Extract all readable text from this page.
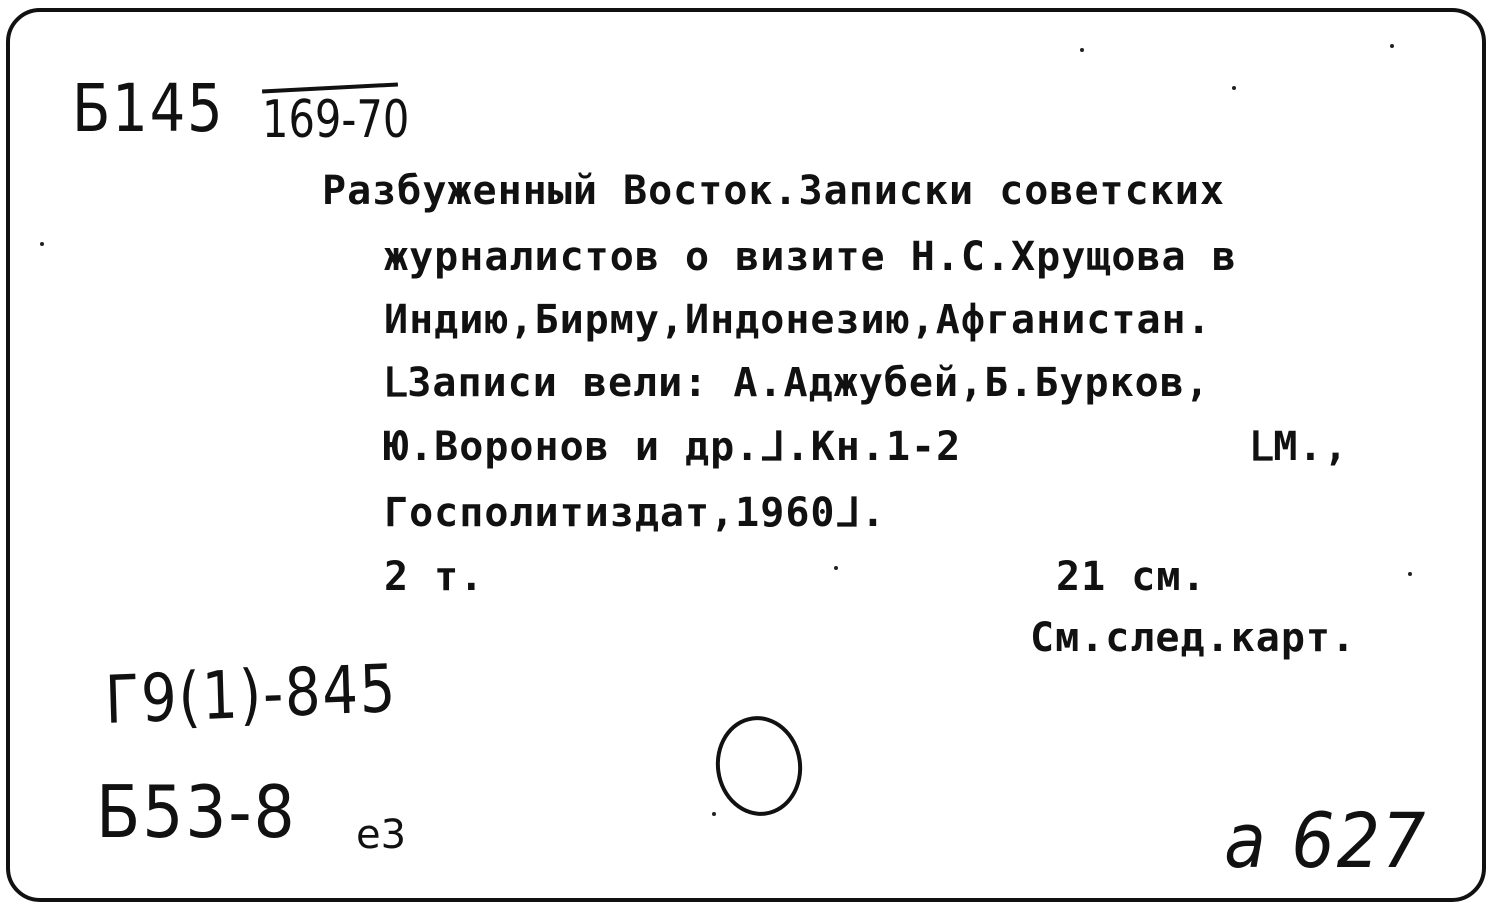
Б145 169-70
Разбуженный Восток.Записки советских
журналистов о визите Н.С.Хрущова в
Индию,Бирму,Индонезию,Афганистан.
ᒪЗаписи вели: А.Аджубей,Б.Бурков,
Ю.Воронов и др.ᒧ.Кн.1-2	ᒪМ.,
Госполитиздат,1960ᒧ.
2 т.	21 см.
См.след.карт.
Г9(1)-845
Б53-8 е3	a 627
